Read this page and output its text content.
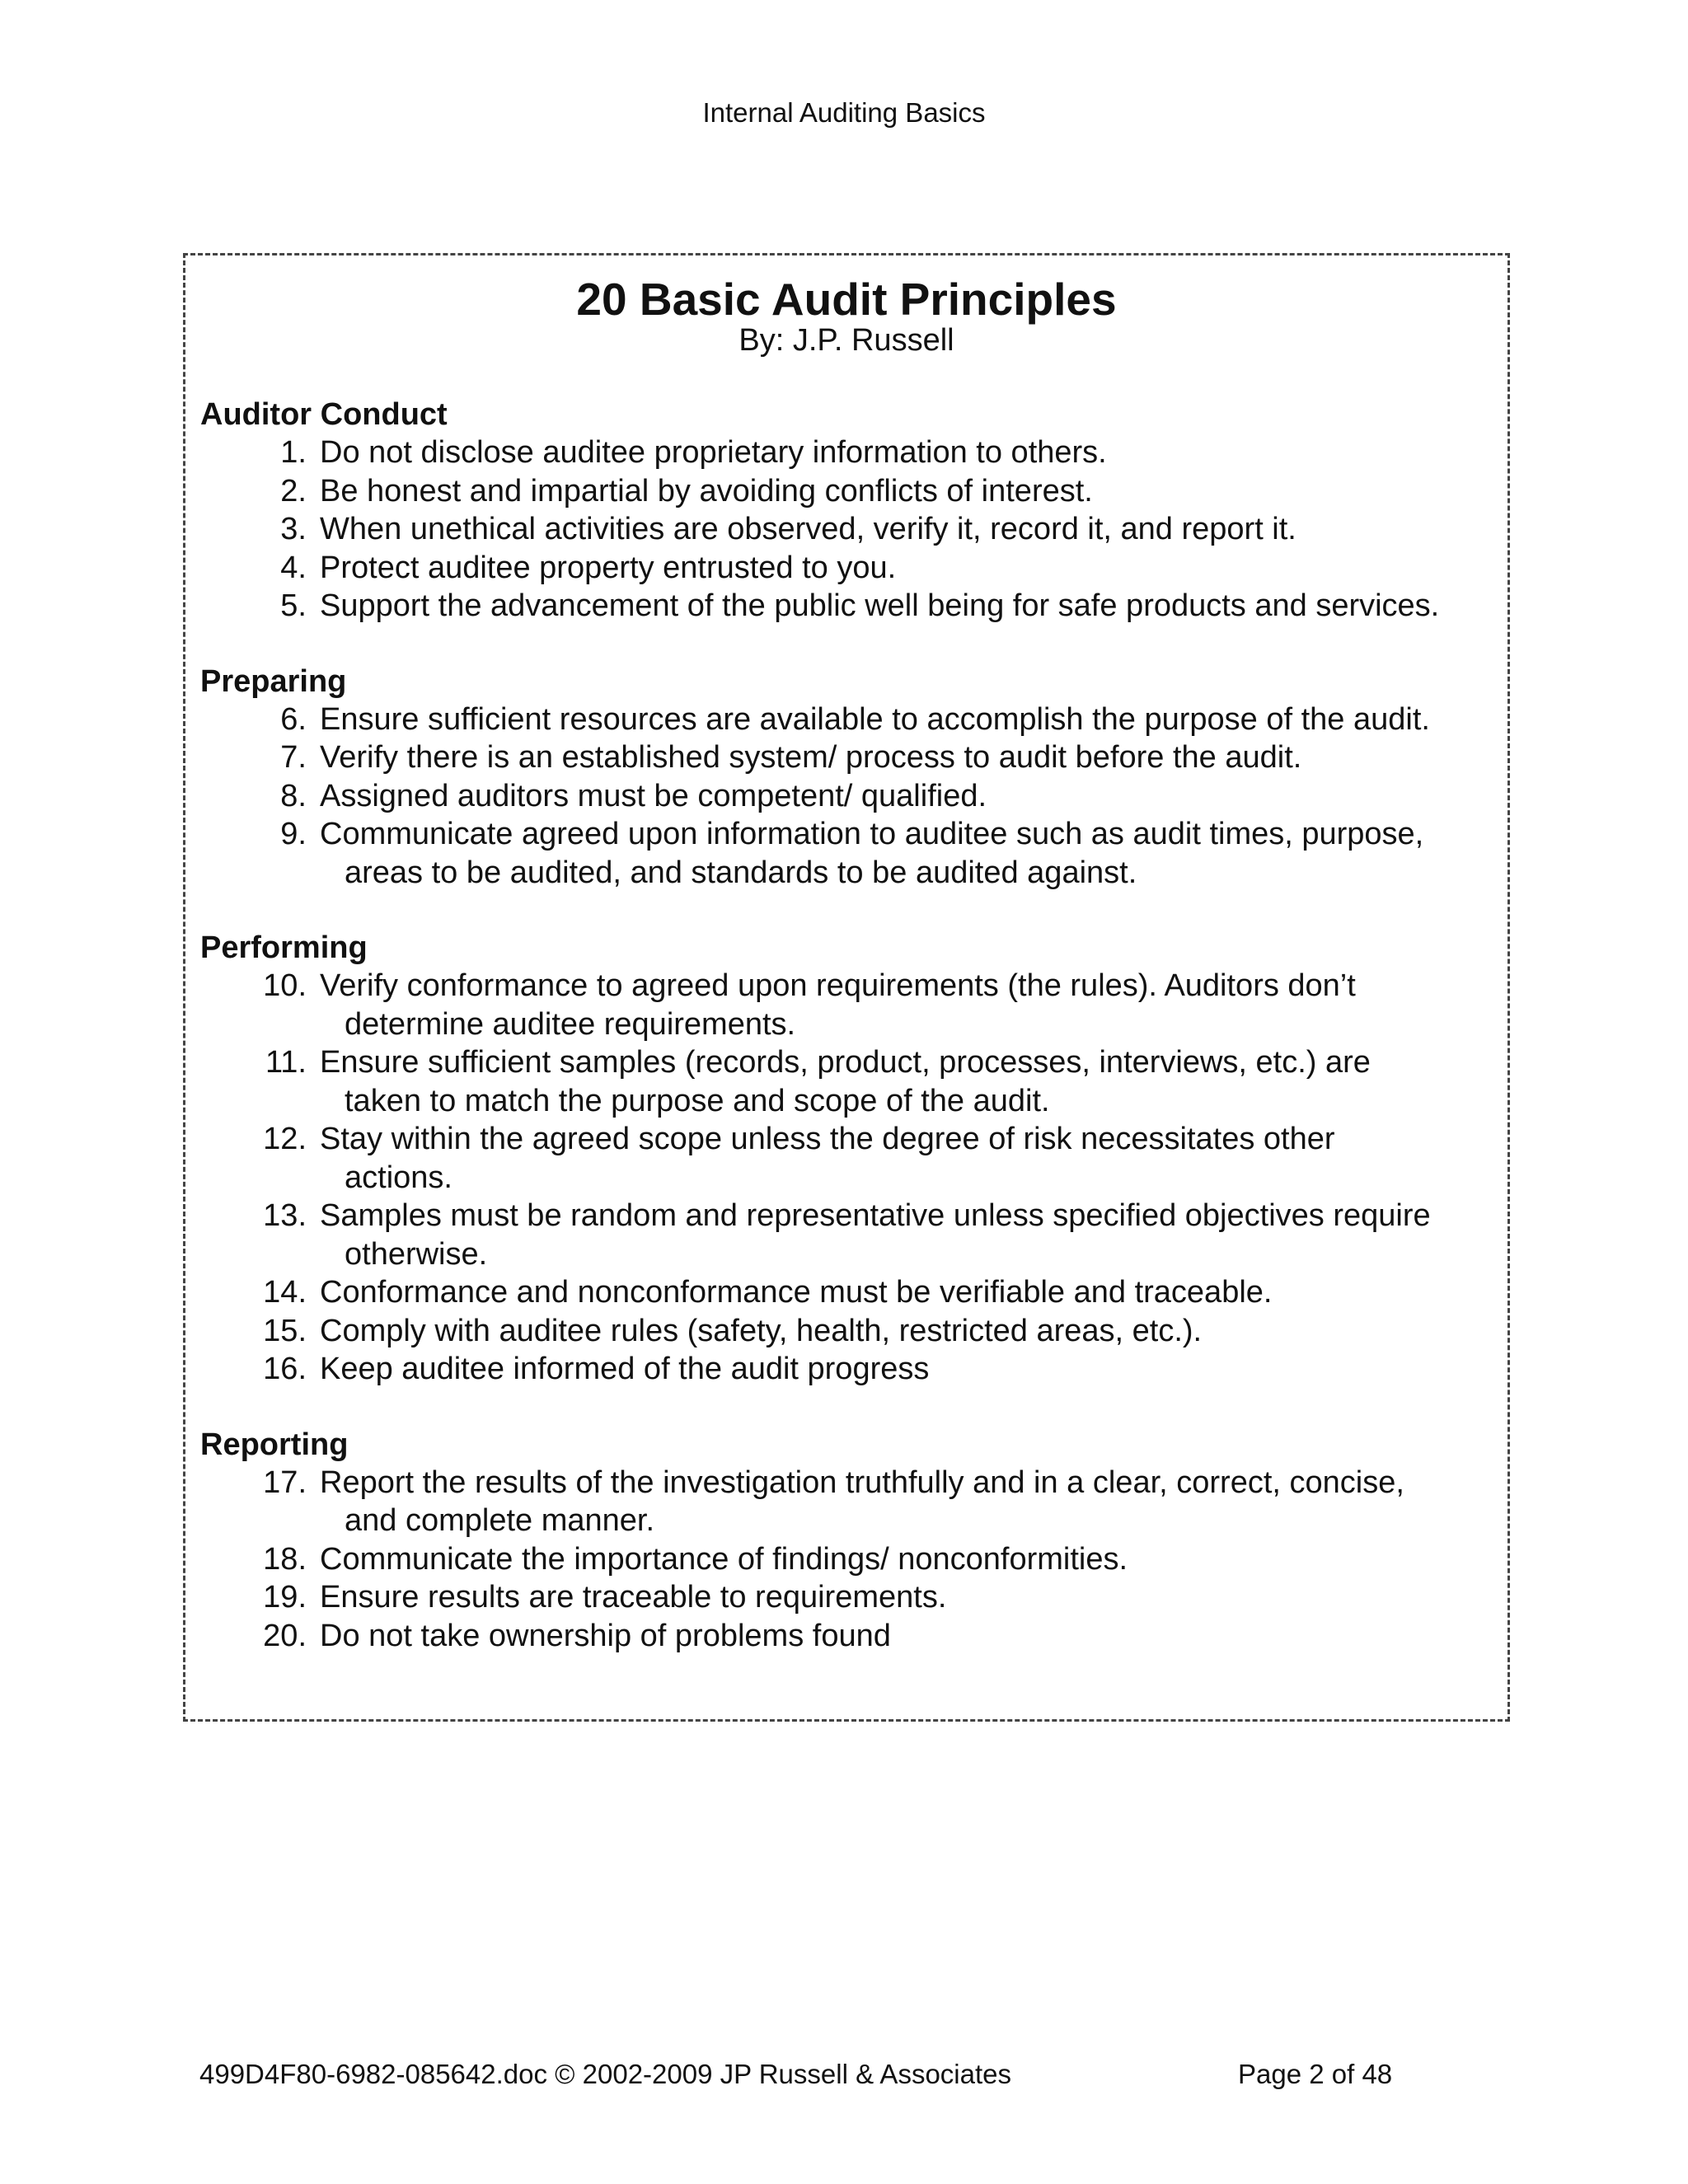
Internal Auditing Basics
20 Basic Audit Principles
By: J.P. Russell
Auditor Conduct
1. Do not disclose auditee proprietary information to others.
2. Be honest and impartial by avoiding conflicts of interest.
3. When unethical activities are observed, verify it, record it, and report it.
4. Protect auditee property entrusted to you.
5. Support the advancement of the public well being for safe products and services.
Preparing
6. Ensure sufficient resources are available to accomplish the purpose of the audit.
7. Verify there is an established system/ process to audit before the audit.
8. Assigned auditors must be competent/ qualified.
9. Communicate agreed upon information to auditee such as audit times, purpose,
areas to be audited, and standards to be audited against.
Performing
10. Verify conformance to agreed upon requirements (the rules). Auditors don’t
determine auditee requirements.
11. Ensure sufficient samples (records, product, processes, interviews, etc.) are
taken to match the purpose and scope of the audit.
12. Stay within the agreed scope unless the degree of risk necessitates other
actions.
13. Samples must be random and representative unless specified objectives require
otherwise.
14. Conformance and nonconformance must be verifiable and traceable.
15. Comply with auditee rules (safety, health, restricted areas, etc.).
16. Keep auditee informed of the audit progress
Reporting
17. Report the results of the investigation truthfully and in a clear, correct, concise,
and complete manner.
18. Communicate the importance of findings/ nonconformities.
19. Ensure results are traceable to requirements.
20. Do not take ownership of problems found
499D4F80-6982-085642.doc © 2002-2009 JP Russell & Associates	Page 2 of 48
